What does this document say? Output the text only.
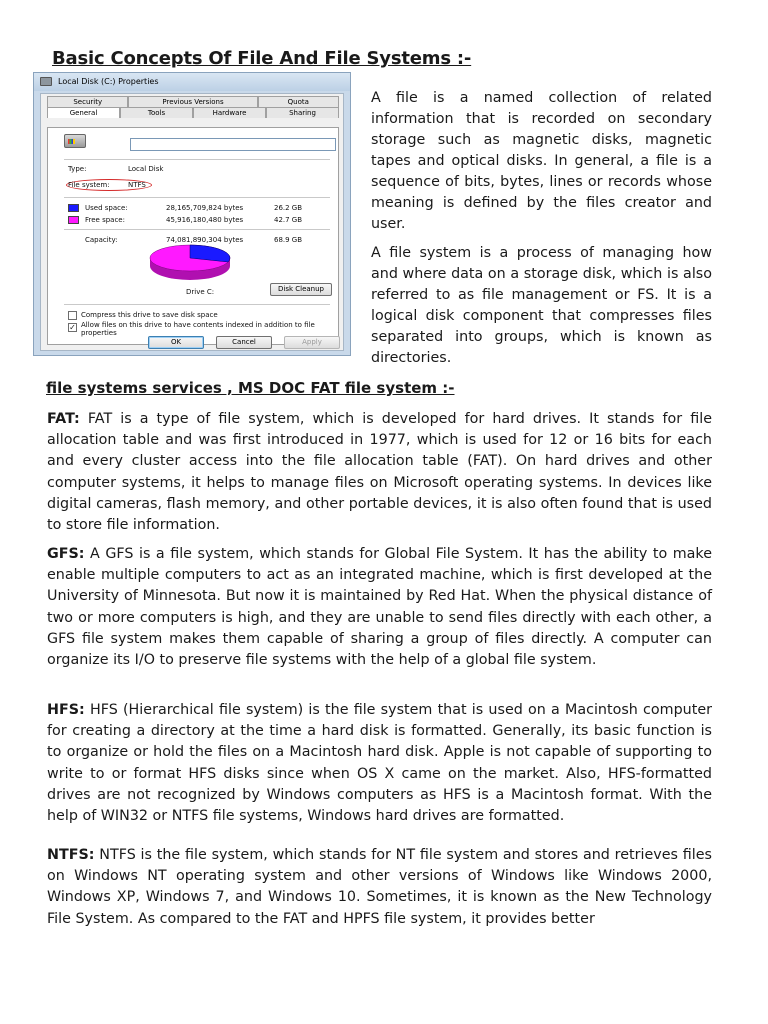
Basic Concepts Of File And File Systems :-
Local Disk (C:) Properties
Security	Previous Versions	Quota
General	Tools	Hardware	Sharing
Type:	Local Disk
File system:	NTFS
Used space:	28,165,709,824 bytes	26.2 GB
Free space:	45,916,180,480 bytes	42.7 GB
Capacity:	74,081,890,304 bytes	68.9 GB
Drive C:	Disk Cleanup
Compress this drive to save disk space
✓ Allow files on this drive to have contents indexed in addition to file properties
OK	Cancel	Apply
A file is a named collection of related information that is recorded on secondary storage such as magnetic disks, magnetic tapes and optical disks. In general, a file is a sequence of bits, bytes, lines or records whose meaning is defined by the files creator and user.
A file system is a process of managing how and where data on a storage disk, which is also referred to as file management or FS. It is a logical disk component that compresses files separated into groups, which is known as directories.
file systems services , MS DOC FAT file system :-
FAT: FAT is a type of file system, which is developed for hard drives. It stands for file allocation table and was first introduced in 1977, which is used for 12 or 16 bits for each and every cluster access into the file allocation table (FAT). On hard drives and other computer systems, it helps to manage files on Microsoft operating systems. In devices like digital cameras, flash memory, and other portable devices, it is also often found that is used to store file information.
GFS: A GFS is a file system, which stands for Global File System. It has the ability to make enable multiple computers to act as an integrated machine, which is first developed at the University of Minnesota. But now it is maintained by Red Hat. When the physical distance of two or more computers is high, and they are unable to send files directly with each other, a GFS file system makes them capable of sharing a group of files directly. A computer can organize its I/O to preserve file systems with the help of a global file system.
HFS: HFS (Hierarchical file system) is the file system that is used on a Macintosh computer for creating a directory at the time a hard disk is formatted. Generally, its basic function is to organize or hold the files on a Macintosh hard disk. Apple is not capable of supporting to write to or format HFS disks since when OS X came on the market. Also, HFS-formatted drives are not recognized by Windows computers as HFS is a Macintosh format. With the help of WIN32 or NTFS file systems, Windows hard drives are formatted.
NTFS: NTFS is the file system, which stands for NT file system and stores and retrieves files on Windows NT operating system and other versions of Windows like Windows 2000, Windows XP, Windows 7, and Windows 10. Sometimes, it is known as the New Technology File System. As compared to the FAT and HPFS file system, it provides better
